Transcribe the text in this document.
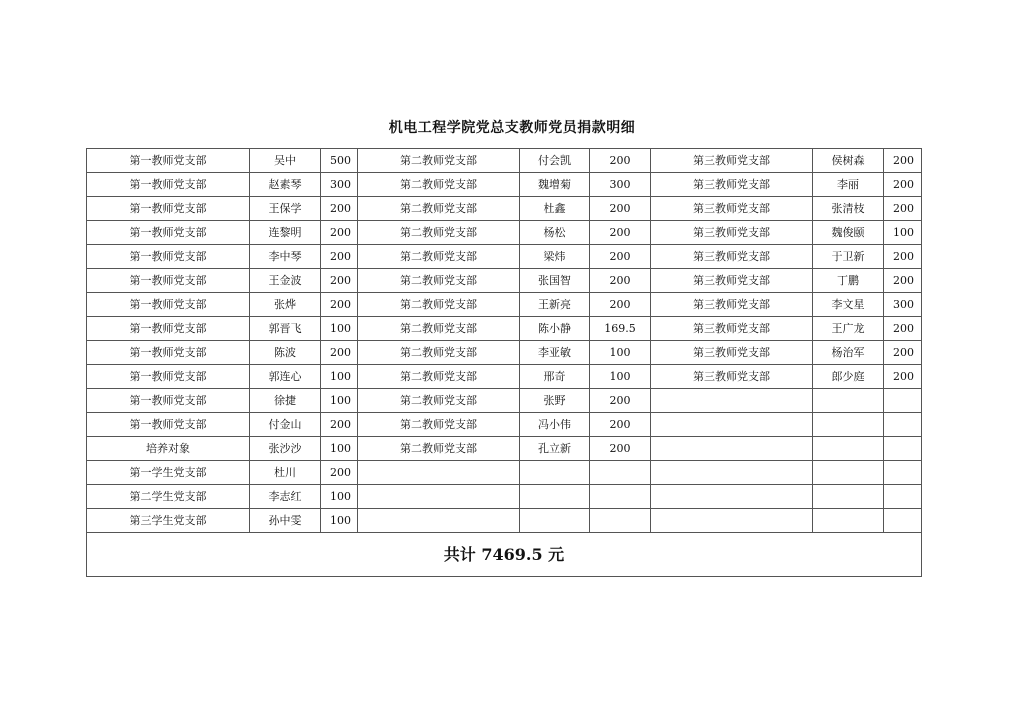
机电工程学院党总支教师党员捐款明细
第一教师党支部	吴中	500	第二教师党支部	付会凯	200	第三教师党支部	侯树森	200
第一教师党支部	赵素琴	300	第二教师党支部	魏增菊	300	第三教师党支部	李丽	200
第一教师党支部	王保学	200	第二教师党支部	杜鑫	200	第三教师党支部	张清枝	200
第一教师党支部	连黎明	200	第二教师党支部	杨松	200	第三教师党支部	魏俊颐	100
第一教师党支部	李中琴	200	第二教师党支部	梁炜	200	第三教师党支部	于卫新	200
第一教师党支部	王金波	200	第二教师党支部	张国智	200	第三教师党支部	丁鹏	200
第一教师党支部	张烨	200	第二教师党支部	王新亮	200	第三教师党支部	李文星	300
第一教师党支部	郭晋飞	100	第二教师党支部	陈小静	169.5	第三教师党支部	王广龙	200
第一教师党支部	陈波	200	第二教师党支部	李亚敏	100	第三教师党支部	杨治军	200
第一教师党支部	郭连心	100	第二教师党支部	邢奇	100	第三教师党支部	郎少庭	200
第一教师党支部	徐捷	100	第二教师党支部	张野	200			
第一教师党支部	付金山	200	第二教师党支部	冯小伟	200			
培养对象	张沙沙	100	第二教师党支部	孔立新	200			
第一学生党支部	杜川	200						
第二学生党支部	李志红	100						
第三学生党支部	孙中雯	100						
共计 7469.5 元								
